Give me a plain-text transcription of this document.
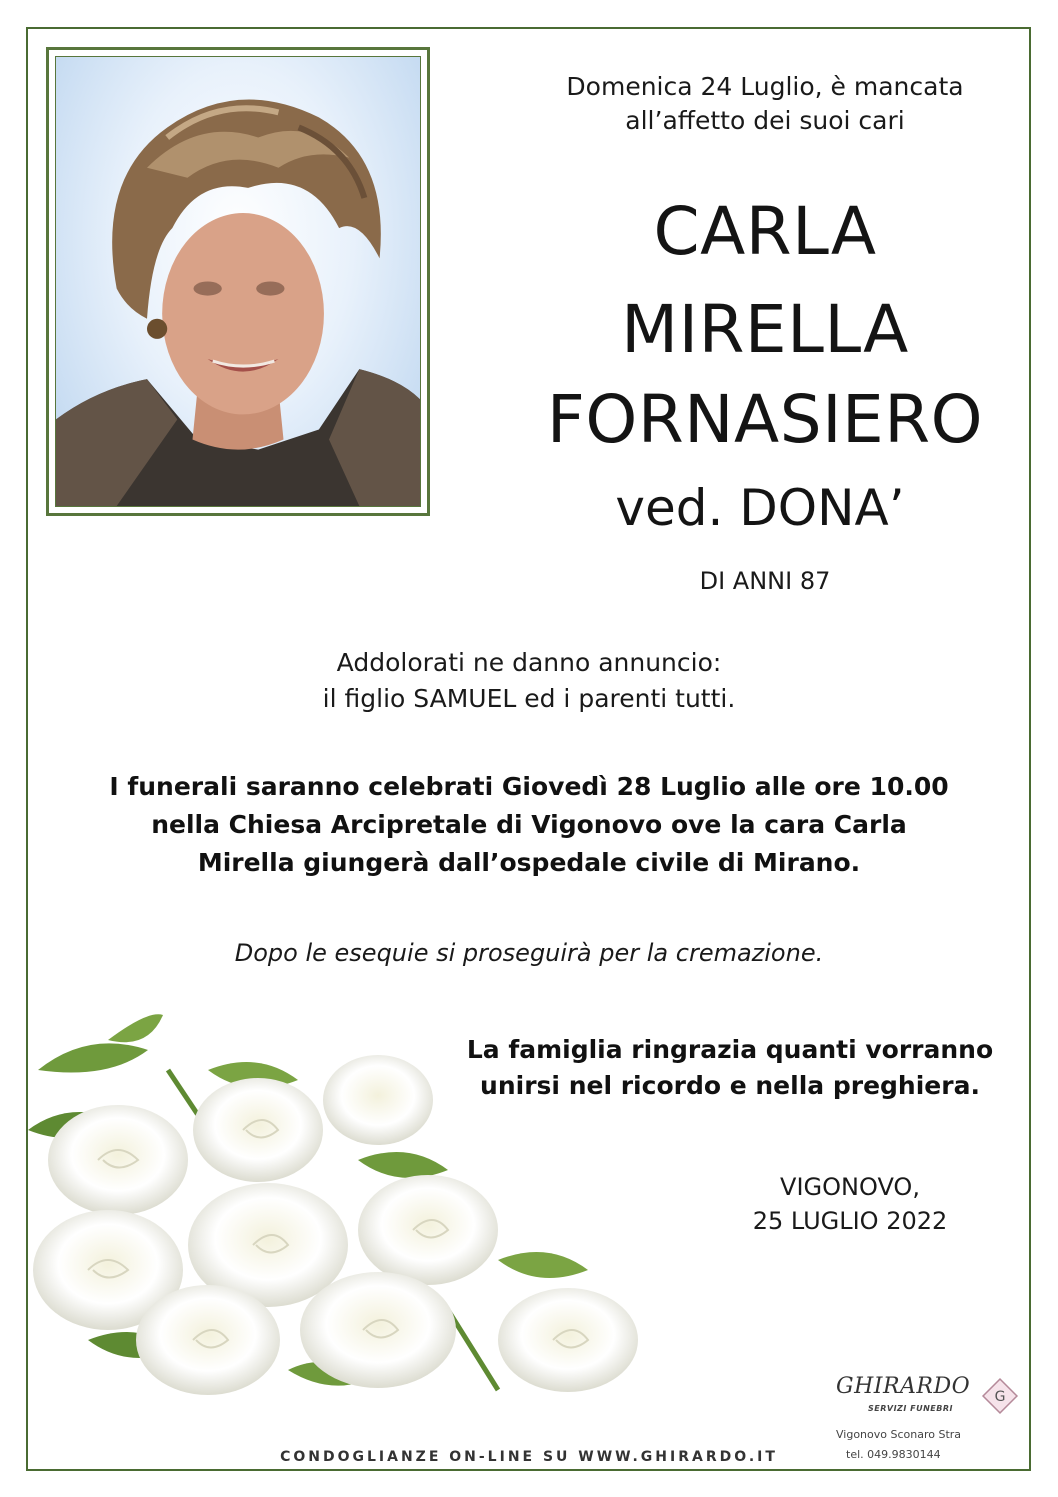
Domenica 24 Luglio, è mancata
all’affetto dei suoi cari
CARLA
MIRELLA
FORNASIERO
ved. DONA’
DI ANNI 87
Addolorati ne danno annuncio:
il figlio SAMUEL ed i parenti tutti.
I funerali saranno celebrati Giovedì 28 Luglio alle ore 10.00
nella Chiesa Arcipretale di Vigonovo ove la cara Carla
Mirella giungerà dall’ospedale civile di Mirano.
Dopo le esequie si proseguirà per la cremazione.
La famiglia ringrazia quanti vorranno
unirsi nel ricordo e nella preghiera.
VIGONOVO,
25 LUGLIO 2022
GHIRARDO
SERVIZI FUNEBRI
G
Vigonovo Sconaro Stra
tel. 049.9830144
CONDOGLIANZE ON-LINE SU WWW.GHIRARDO.IT
